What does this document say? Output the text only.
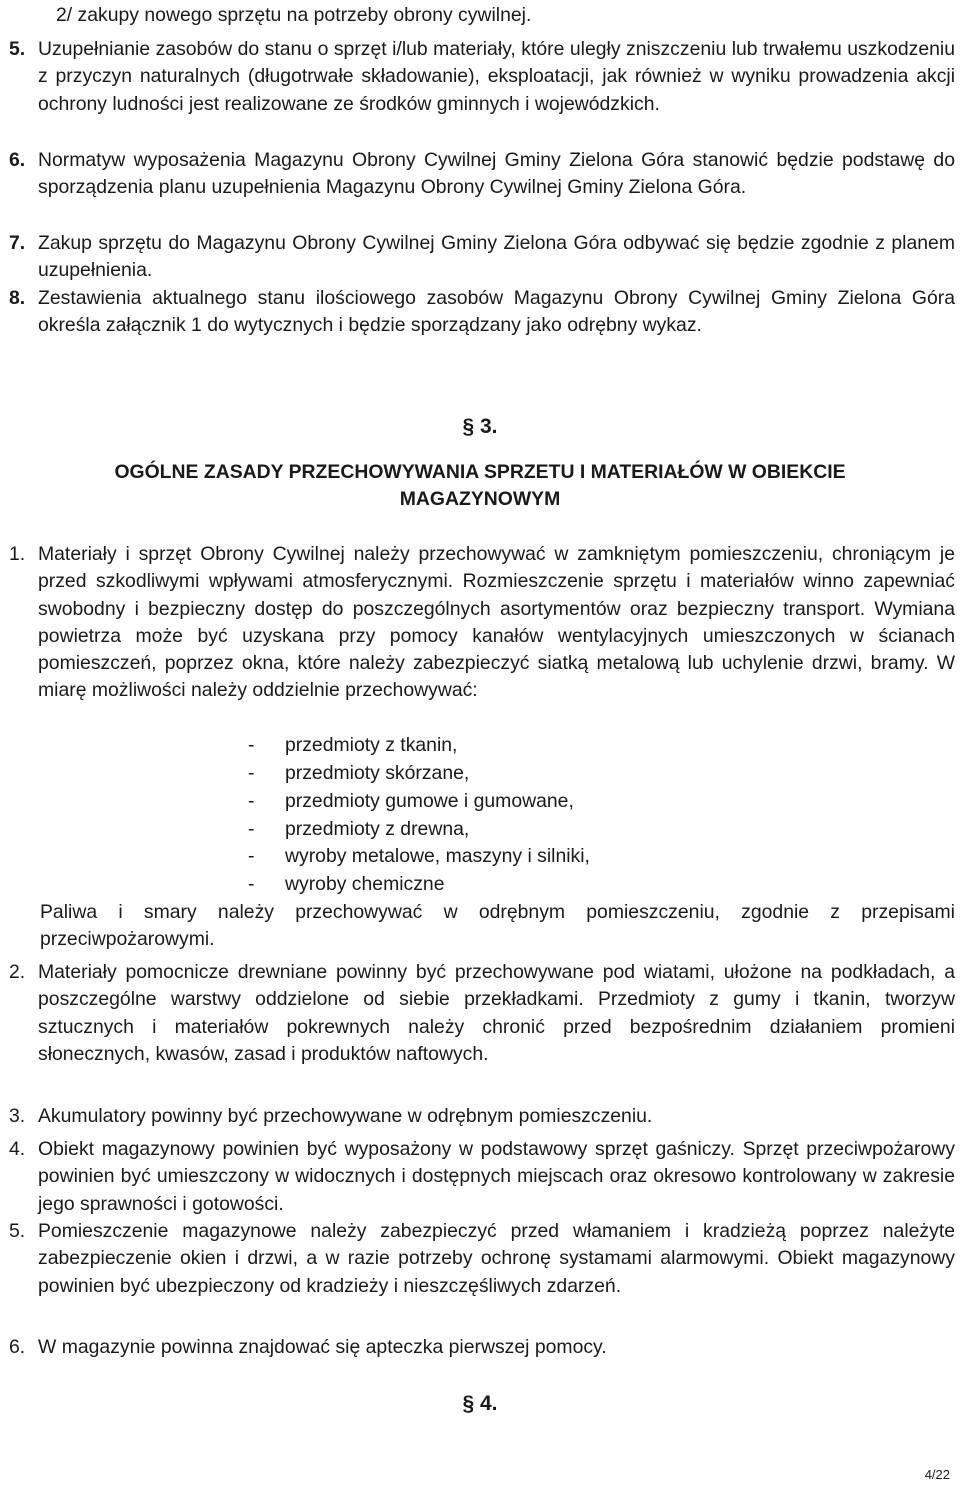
2/ zakupy nowego sprzętu na potrzeby obrony cywilnej.
5. Uzupełnianie zasobów do stanu o sprzęt i/lub materiały, które uległy zniszczeniu lub trwałemu uszkodzeniu z przyczyn naturalnych (długotrwałe składowanie), eksploatacji, jak również w wyniku prowadzenia akcji ochrony ludności jest realizowane ze środków gminnych i wojewódzkich.
6. Normatyw wyposażenia Magazynu Obrony Cywilnej Gminy Zielona Góra stanowić będzie podstawę do sporządzenia planu uzupełnienia Magazynu Obrony Cywilnej Gminy Zielona Góra.
7. Zakup sprzętu do Magazynu Obrony Cywilnej Gminy Zielona Góra odbywać się będzie zgodnie z planem uzupełnienia.
8. Zestawienia aktualnego stanu ilościowego zasobów Magazynu Obrony Cywilnej Gminy Zielona Góra określa załącznik 1 do wytycznych i będzie sporządzany jako odrębny wykaz.
§ 3.
OGÓLNE ZASADY PRZECHOWYWANIA SPRZETU I MATERIAŁÓW W OBIEKCIE
MAGAZYNOWYM
1. Materiały i sprzęt Obrony Cywilnej należy przechowywać w zamkniętym pomieszczeniu, chroniącym je przed szkodliwymi wpływami atmosferycznymi. Rozmieszczenie sprzętu i materiałów winno zapewniać swobodny i bezpieczny dostęp do poszczególnych asortymentów oraz bezpieczny transport. Wymiana powietrza może być uzyskana przy pomocy kanałów wentylacyjnych umieszczonych w ścianach pomieszczeń, poprzez okna, które należy zabezpieczyć siatką metalową lub uchylenie drzwi, bramy. W miarę możliwości należy oddzielnie przechowywać:
- przedmioty z tkanin,
- przedmioty skórzane,
- przedmioty gumowe i gumowane,
- przedmioty z drewna,
- wyroby metalowe, maszyny i silniki,
- wyroby chemiczne
Paliwa i smary należy przechowywać w odrębnym pomieszczeniu, zgodnie z przepisami przeciwpożarowymi.
2. Materiały pomocnicze drewniane powinny być przechowywane pod wiatami, ułożone na podkładach, a poszczególne warstwy oddzielone od siebie przekładkami. Przedmioty z gumy i tkanin, tworzyw sztucznych i materiałów pokrewnych należy chronić przed bezpośrednim działaniem promieni słonecznych, kwasów, zasad i produktów naftowych.
3. Akumulatory powinny być przechowywane w odrębnym pomieszczeniu.
4. Obiekt magazynowy powinien być wyposażony w podstawowy sprzęt gaśniczy. Sprzęt przeciwpożarowy powinien być umieszczony w widocznych i dostępnych miejscach oraz okresowo kontrolowany w zakresie jego sprawności i gotowości.
5. Pomieszczenie magazynowe należy zabezpieczyć przed włamaniem i kradzieżą poprzez należyte zabezpieczenie okien i drzwi, a w razie potrzeby ochronę systamami alarmowymi. Obiekt magazynowy powinien być ubezpieczony od kradzieży i nieszczęśliwych zdarzeń.
6. W magazynie powinna znajdować się apteczka pierwszej pomocy.
§ 4.
4/22
